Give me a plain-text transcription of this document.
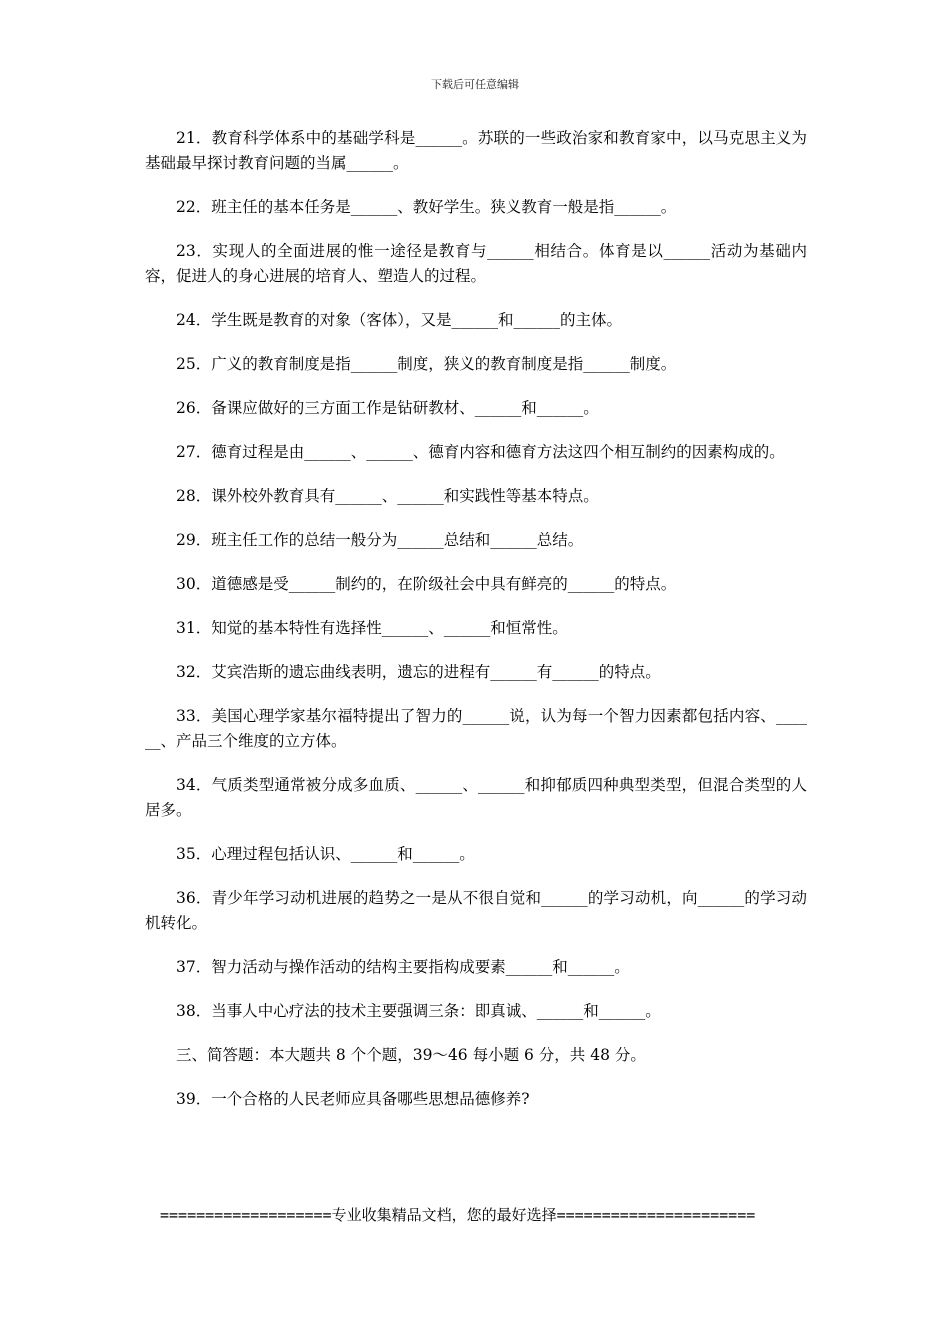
下载后可任意编辑

21．教育科学体系中的基础学科是______。苏联的一些政治家和教育家中，以马克思主义为基础最早探讨教育问题的当属______。

22．班主任的基本任务是______、教好学生。狭义教育一般是指______。

23．实现人的全面进展的惟一途径是教育与______相结合。体育是以______活动为基础内容，促进人的身心进展的培育人、塑造人的过程。

24．学生既是教育的对象（客体），又是______和______的主体。

25．广义的教育制度是指______制度，狭义的教育制度是指______制度。

26．备课应做好的三方面工作是钻研教材、______和______。

27．德育过程是由______、______、德育内容和德育方法这四个相互制约的因素构成的。

28．课外校外教育具有______、______和实践性等基本特点。

29．班主任工作的总结一般分为______总结和______总结。

30．道德感是受______制约的，在阶级社会中具有鲜亮的______的特点。

31．知觉的基本特性有选择性______、______和恒常性。

32．艾宾浩斯的遗忘曲线表明，遗忘的进程有______有______的特点。

33．美国心理学家基尔福特提出了智力的______说，认为每一个智力因素都包括内容、______、产品三个维度的立方体。

34．气质类型通常被分成多血质、______、______和抑郁质四种典型类型，但混合类型的人居多。

35．心理过程包括认识、______和______。

36．青少年学习动机进展的趋势之一是从不很自觉和______的学习动机，向______的学习动机转化。

37．智力活动与操作活动的结构主要指构成要素______和______。

38．当事人中心疗法的技术主要强调三条：即真诚、______和______。

三、简答题：本大题共 8 个个题，39～46 每小题 6 分，共 48 分。

39．一个合格的人民老师应具备哪些思想品德修养?

===================专业收集精品文档，您的最好选择======================
